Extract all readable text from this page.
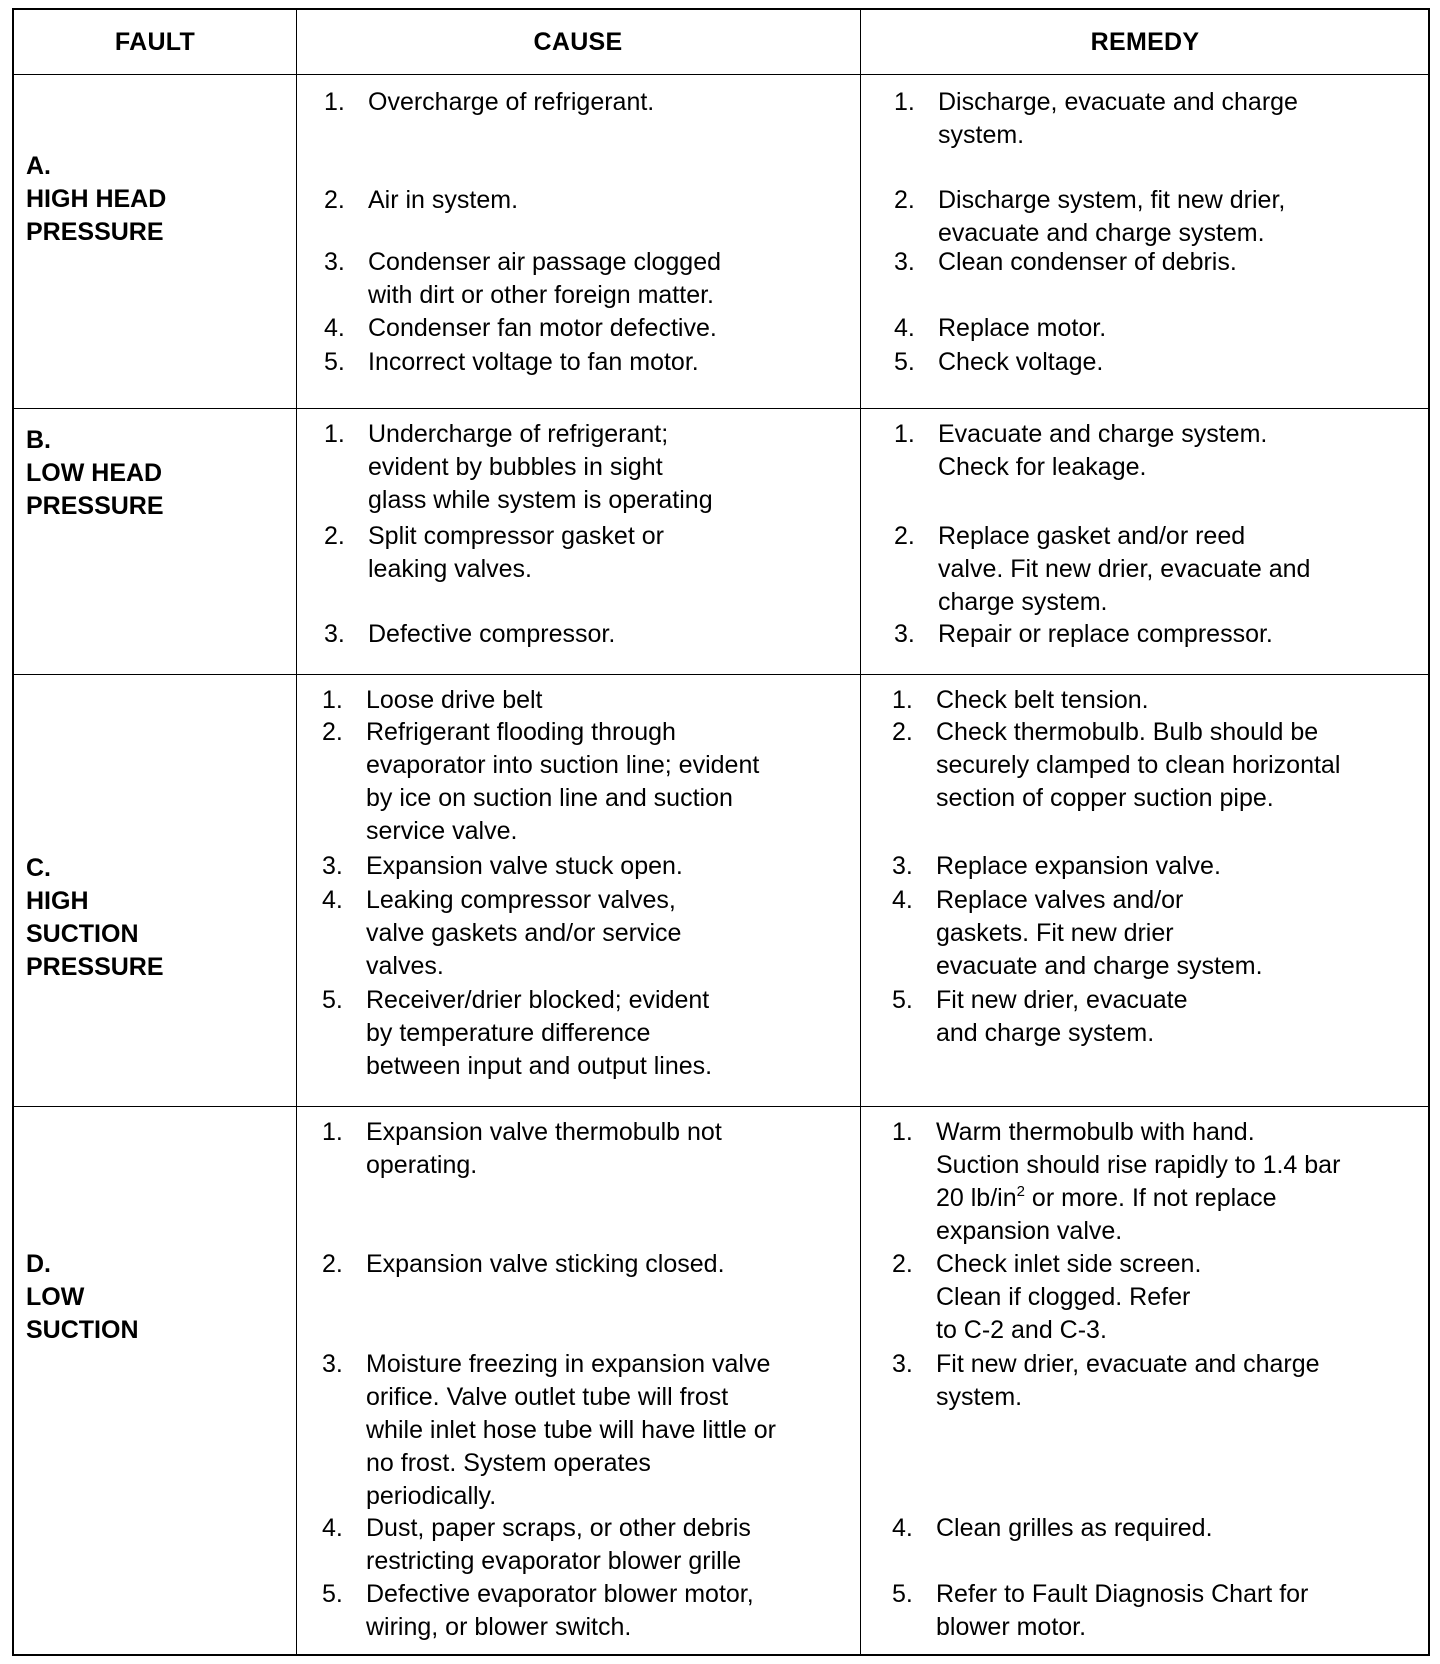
FAULT	CAUSE	REMEDY
A.
HIGH HEAD
PRESSURE
1. Overcharge of refrigerant.
2. Air in system.
3. Condenser air passage clogged
with dirt or other foreign matter.
4. Condenser fan motor defective.
5. Incorrect voltage to fan motor.
1. Discharge, evacuate and charge
system.
2. Discharge system, fit new drier,
evacuate and charge system.
3. Clean condenser of debris.
4. Replace motor.
5. Check voltage.
B.
LOW HEAD
PRESSURE
1. Undercharge of refrigerant;
evident by bubbles in sight
glass while system is operating
2. Split compressor gasket or
leaking valves.
3. Defective compressor.
1. Evacuate and charge system.
Check for leakage.
2. Replace gasket and/or reed
valve. Fit new drier, evacuate and
charge system.
3. Repair or replace compressor.
C.
HIGH
SUCTION
PRESSURE
1. Loose drive belt
2. Refrigerant flooding through
evaporator into suction line; evident
by ice on suction line and suction
service valve.
3. Expansion valve stuck open.
4. Leaking compressor valves,
valve gaskets and/or service
valves.
5. Receiver/drier blocked; evident
by temperature difference
between input and output lines.
1. Check belt tension.
2. Check thermobulb. Bulb should be
securely clamped to clean horizontal
section of copper suction pipe.
3. Replace expansion valve.
4. Replace valves and/or
gaskets. Fit new drier
evacuate and charge system.
5. Fit new drier, evacuate
and charge system.
D.
LOW
SUCTION
1. Expansion valve thermobulb not
operating.
2. Expansion valve sticking closed.
3. Moisture freezing in expansion valve
orifice. Valve outlet tube will frost
while inlet hose tube will have little or
no frost. System operates
periodically.
4. Dust, paper scraps, or other debris
restricting evaporator blower grille
5. Defective evaporator blower motor,
wiring, or blower switch.
1. Warm thermobulb with hand.
Suction should rise rapidly to 1.4 bar
20 $lb/in^2$ or more. If not replace
expansion valve.
2. Check inlet side screen.
Clean if clogged. Refer
to C-2 and C-3.
3. Fit new drier, evacuate and charge
system.
4. Clean grilles as required.
5. Refer to Fault Diagnosis Chart for
blower motor.
